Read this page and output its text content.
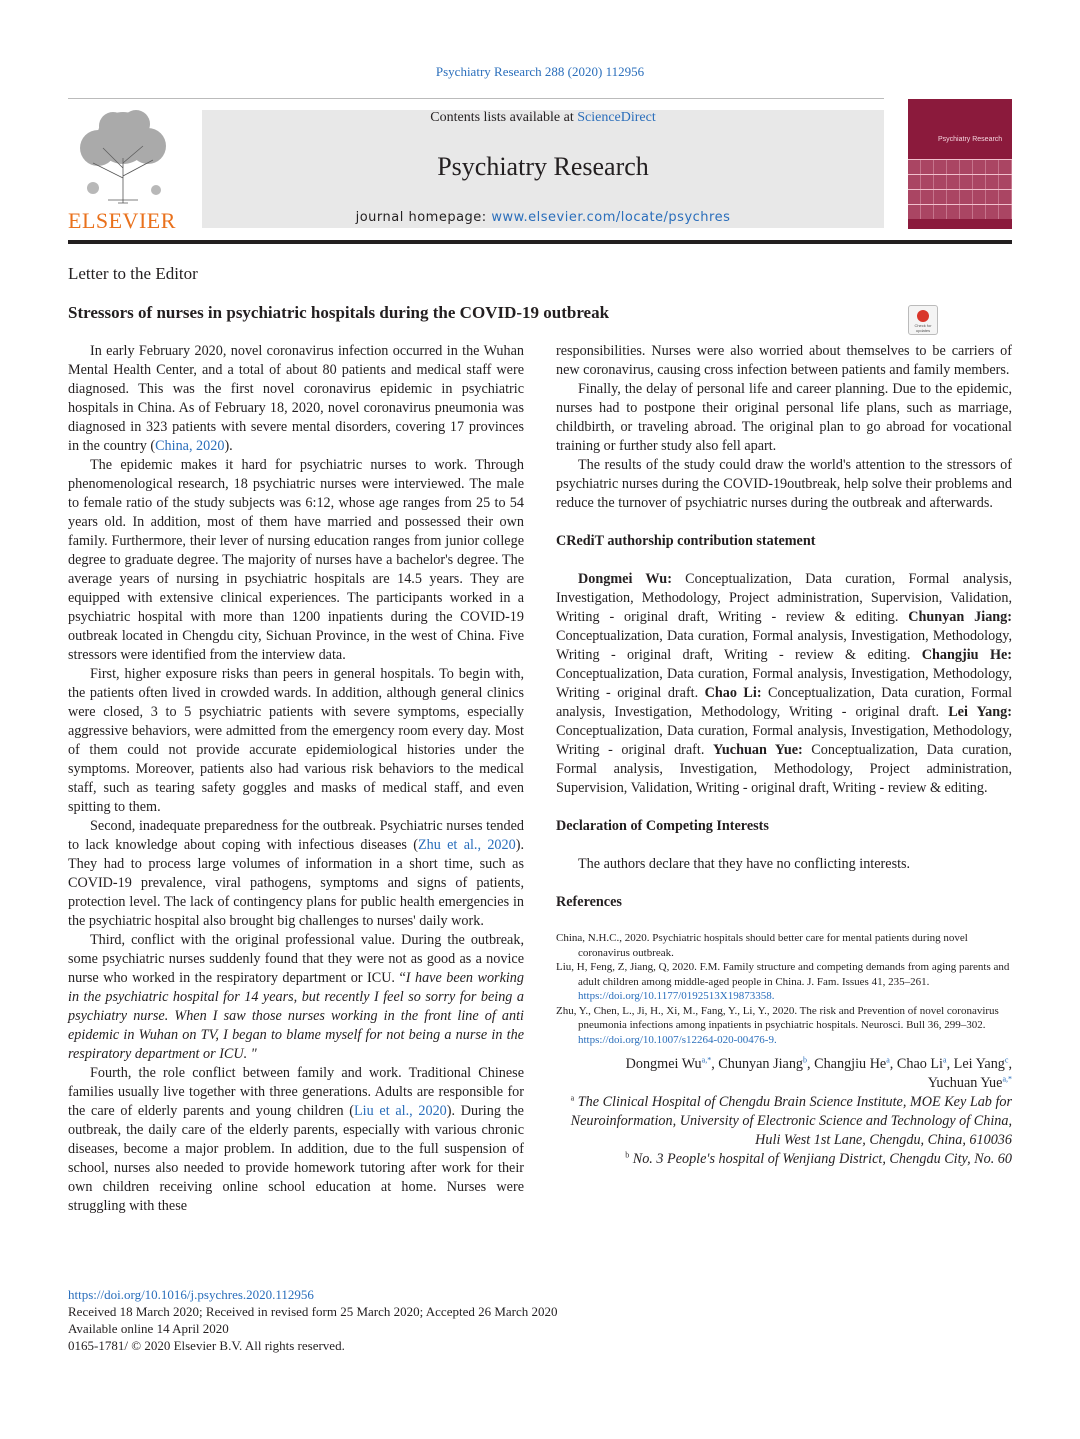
Psychiatry Research 288 (2020) 112956
ELSEVIER
Contents lists available at ScienceDirect
Psychiatry Research
journal homepage: www.elsevier.com/locate/psychres
Psychiatry Research
Letter to the Editor
Stressors of nurses in psychiatric hospitals during the COVID-19 outbreak
Check for updates

In early February 2020, novel coronavirus infection occurred in the Wuhan Mental Health Center, and a total of about 80 patients and medical staff were diagnosed. This was the first novel coronavirus epidemic in psychiatric hospitals in China. As of February 18, 2020, novel coronavirus pneumonia was diagnosed in 323 patients with severe mental disorders, covering 17 provinces in the country (China, 2020).

The epidemic makes it hard for psychiatric nurses to work. Through phenomenological research, 18 psychiatric nurses were interviewed. The male to female ratio of the study subjects was 6:12, whose age ranges from 25 to 54 years old. In addition, most of them have married and possessed their own family. Furthermore, their lever of nursing education ranges from junior college degree to graduate degree. The majority of nurses have a bachelor's degree. The average years of nursing in psychiatric hospitals are 14.5 years. They are equipped with extensive clinical experiences. The participants worked in a psychiatric hospital with more than 1200 inpatients during the COVID-19 outbreak located in Chengdu city, Sichuan Province, in the west of China. Five stressors were identified from the interview data.

First, higher exposure risks than peers in general hospitals. To begin with, the patients often lived in crowded wards. In addition, although general clinics were closed, 3 to 5 psychiatric patients with severe symptoms, especially aggressive behaviors, were admitted from the emergency room every day. Most of them could not provide accurate epidemiological histories under the symptoms. Moreover, patients also had various risk behaviors to the medical staff, such as tearing safety goggles and masks of medical staff, and even spitting to them.

Second, inadequate preparedness for the outbreak. Psychiatric nurses tended to lack knowledge about coping with infectious diseases (Zhu et al., 2020). They had to process large volumes of information in a short time, such as COVID-19 prevalence, viral pathogens, symptoms and signs of patients, protection level. The lack of contingency plans for public health emergencies in the psychiatric hospital also brought big challenges to nurses' daily work.

Third, conflict with the original professional value. During the outbreak, some psychiatric nurses suddenly found that they were not as good as a novice nurse who worked in the respiratory department or ICU. “I have been working in the psychiatric hospital for 14 years, but recently I feel so sorry for being a psychiatry nurse. When I saw those nurses working in the front line of anti epidemic in Wuhan on TV, I began to blame myself for not being a nurse in the respiratory department or ICU. "

Fourth, the role conflict between family and work. Traditional Chinese families usually live together with three generations. Adults are responsible for the care of elderly parents and young children (Liu et al., 2020). During the outbreak, the daily care of the elderly parents, especially with various chronic diseases, become a major problem. In addition, due to the full suspension of school, nurses also needed to provide homework tutoring after work for their own children receiving online school education at home. Nurses were struggling with these

responsibilities. Nurses were also worried about themselves to be carriers of new coronavirus, causing cross infection between patients and family members.

Finally, the delay of personal life and career planning. Due to the epidemic, nurses had to postpone their original personal life plans, such as marriage, childbirth, or traveling abroad. The original plan to go abroad for vocational training or further study also fell apart.

The results of the study could draw the world's attention to the stressors of psychiatric nurses during the COVID-19outbreak, help solve their problems and reduce the turnover of psychiatric nurses during the outbreak and afterwards.

CRediT authorship contribution statement

Dongmei Wu: Conceptualization, Data curation, Formal analysis, Investigation, Methodology, Project administration, Supervision, Validation, Writing - original draft, Writing - review & editing. Chunyan Jiang: Conceptualization, Data curation, Formal analysis, Investigation, Methodology, Writing - original draft, Writing - review & editing. Changjiu He: Conceptualization, Data curation, Formal analysis, Investigation, Methodology, Writing - original draft. Chao Li: Conceptualization, Data curation, Formal analysis, Investigation, Methodology, Writing - original draft. Lei Yang: Conceptualization, Data curation, Formal analysis, Investigation, Methodology, Writing - original draft. Yuchuan Yue: Conceptualization, Data curation, Formal analysis, Investigation, Methodology, Project administration, Supervision, Validation, Writing - original draft, Writing - review & editing.

Declaration of Competing Interests

The authors declare that they have no conflicting interests.

References
China, N.H.C., 2020. Psychiatric hospitals should better care for mental patients during novel coronavirus outbreak.
Liu, H, Feng, Z, Jiang, Q, 2020. F.M. Family structure and competing demands from aging parents and adult children among middle-aged people in China. J. Fam. Issues 41, 235–261. https://doi.org/10.1177/0192513X19873358.
Zhu, Y., Chen, L., Ji, H., Xi, M., Fang, Y., Li, Y., 2020. The risk and Prevention of novel coronavirus pneumonia infections among inpatients in psychiatric hospitals. Neurosci. Bull 36, 299–302. https://doi.org/10.1007/s12264-020-00476-9.
Dongmei $Wu^{a,*}$, Chunyan Jiang$^b$, Changjiu He$^a$, Chao Li$^a$, Lei Yang$^c$,
Yuchuan Yue$^{a,*}$
$^a$ The Clinical Hospital of Chengdu Brain Science Institute, MOE Key Lab for Neuroinformation, University of Electronic Science and Technology of China, Huli West 1st Lane, Chengdu, China, 610036
$^b$ No. 3 People's hospital of Wenjiang District, Chengdu City, No. 60
https://doi.org/10.1016/j.psychres.2020.112956
Received 18 March 2020; Received in revised form 25 March 2020; Accepted 26 March 2020
Available online 14 April 2020
0165-1781/ © 2020 Elsevier B.V. All rights reserved.
